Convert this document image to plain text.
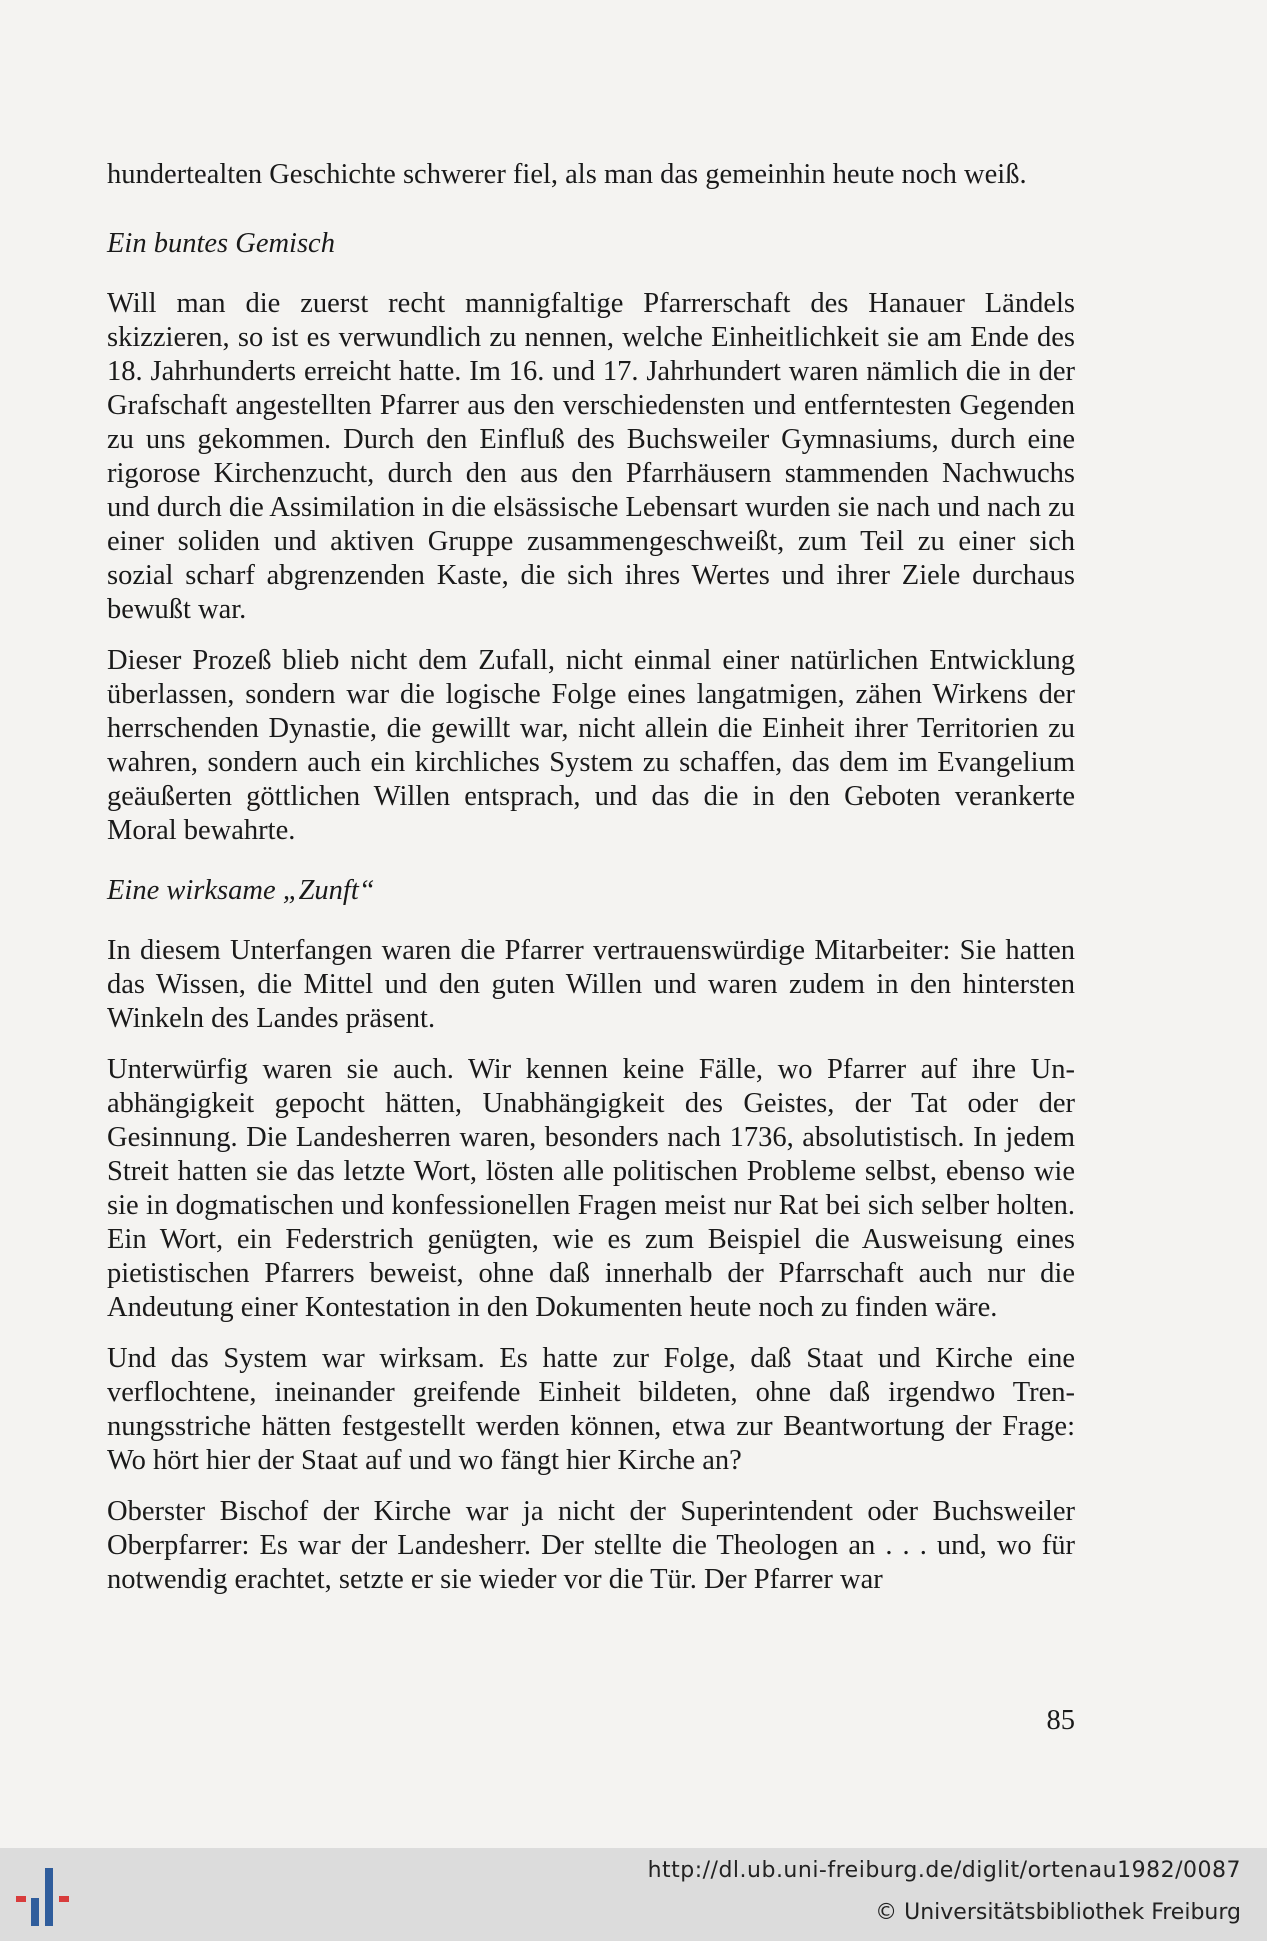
hundertealten Geschichte schwerer fiel, als man das gemeinhin heute noch weiß.

Ein buntes Gemisch

Will man die zuerst recht mannigfaltige Pfarrerschaft des Hanauer Ländels skizzieren, so ist es verwundlich zu nennen, welche Einheitlichkeit sie am Ende des 18. Jahrhunderts erreicht hatte. Im 16. und 17. Jahrhundert waren nämlich die in der Grafschaft angestellten Pfarrer aus den verschiedensten und entferntesten Gegenden zu uns gekommen. Durch den Einfluß des Buchsweiler Gymnasiums, durch eine rigorose Kirchenzucht, durch den aus den Pfarrhäusern stammenden Nachwuchs und durch die Assimilation in die elsässische Lebensart wurden sie nach und nach zu einer soliden und aktiven Gruppe zusammengeschweißt, zum Teil zu einer sich sozial scharf abgrenzenden Kaste, die sich ihres Wertes und ihrer Ziele durchaus bewußt war.

Dieser Prozeß blieb nicht dem Zufall, nicht einmal einer natürlichen Entwicklung überlassen, sondern war die logische Folge eines langatmigen, zähen Wirkens der herrschenden Dynastie, die gewillt war, nicht allein die Einheit ihrer Territorien zu wahren, sondern auch ein kirchliches System zu schaffen, das dem im Evangelium geäußerten göttlichen Willen entsprach, und das die in den Geboten verankerte Moral bewahrte.

Eine wirksame „Zunft“

In diesem Unterfangen waren die Pfarrer vertrauenswürdige Mitarbeiter: Sie hatten das Wissen, die Mittel und den guten Willen und waren zudem in den hintersten Winkeln des Landes präsent.

Unterwürfig waren sie auch. Wir kennen keine Fälle, wo Pfarrer auf ihre Unabhängigkeit gepocht hätten, Unabhängigkeit des Geistes, der Tat oder der Gesinnung. Die Landesherren waren, besonders nach 1736, absolutistisch. In jedem Streit hatten sie das letzte Wort, lösten alle politischen Probleme selbst, ebenso wie sie in dogmatischen und konfessionellen Fragen meist nur Rat bei sich selber holten. Ein Wort, ein Federstrich genügten, wie es zum Beispiel die Ausweisung eines pietistischen Pfarrers beweist, ohne daß innerhalb der Pfarrschaft auch nur die Andeutung einer Kontestation in den Dokumenten heute noch zu finden wäre.

Und das System war wirksam. Es hatte zur Folge, daß Staat und Kirche eine verflochtene, ineinander greifende Einheit bildeten, ohne daß irgendwo Trennungsstriche hätten festgestellt werden können, etwa zur Beantwortung der Frage: Wo hört hier der Staat auf und wo fängt hier Kirche an?

Oberster Bischof der Kirche war ja nicht der Superintendent oder Buchsweiler Oberpfarrer: Es war der Landesherr. Der stellte die Theologen an . . . und, wo für notwendig erachtet, setzte er sie wieder vor die Tür. Der Pfarrer war

85
http://dl.ub.uni-freiburg.de/diglit/ortenau1982/0087
© Universitätsbibliothek Freiburg
